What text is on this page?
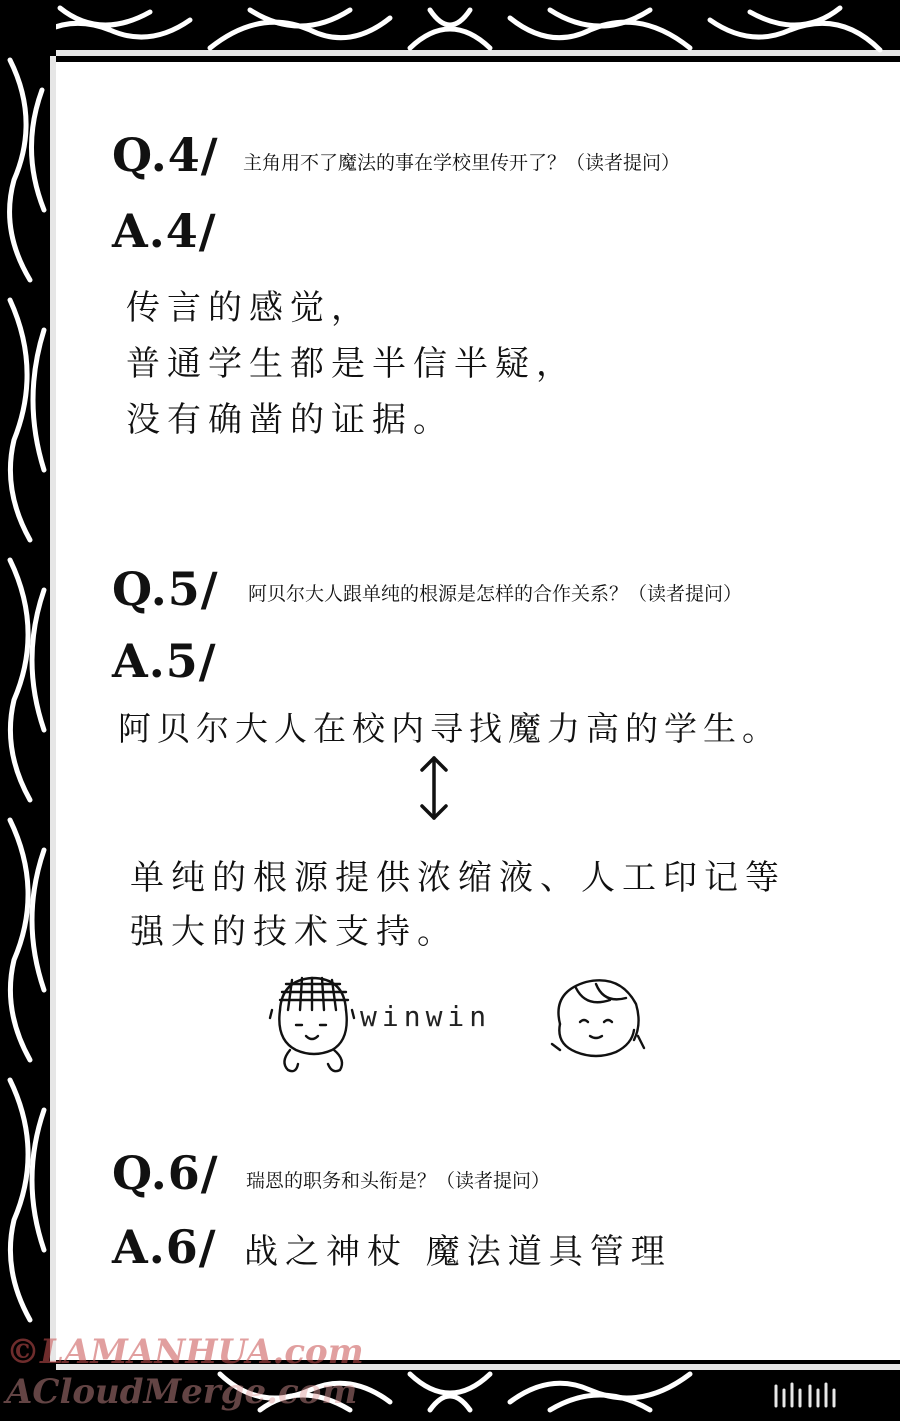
Q.4/ 主角用不了魔法的事在学校里传开了？（读者提问）
A.4/
传言的感觉，
普通学生都是半信半疑，
没有确凿的证据。
Q.5/ 阿贝尔大人跟单纯的根源是怎样的合作关系？（读者提问）
A.5/
阿贝尔大人在校内寻找魔力高的学生。
单纯的根源提供浓缩液、人工印记等
强大的技术支持。
winwin
Q.6/ 瑞恩的职务和头衔是？（读者提问）
A.6/ 战之神杖 魔法道具管理
©LAMANHUA.com
ACloudMerge.com
